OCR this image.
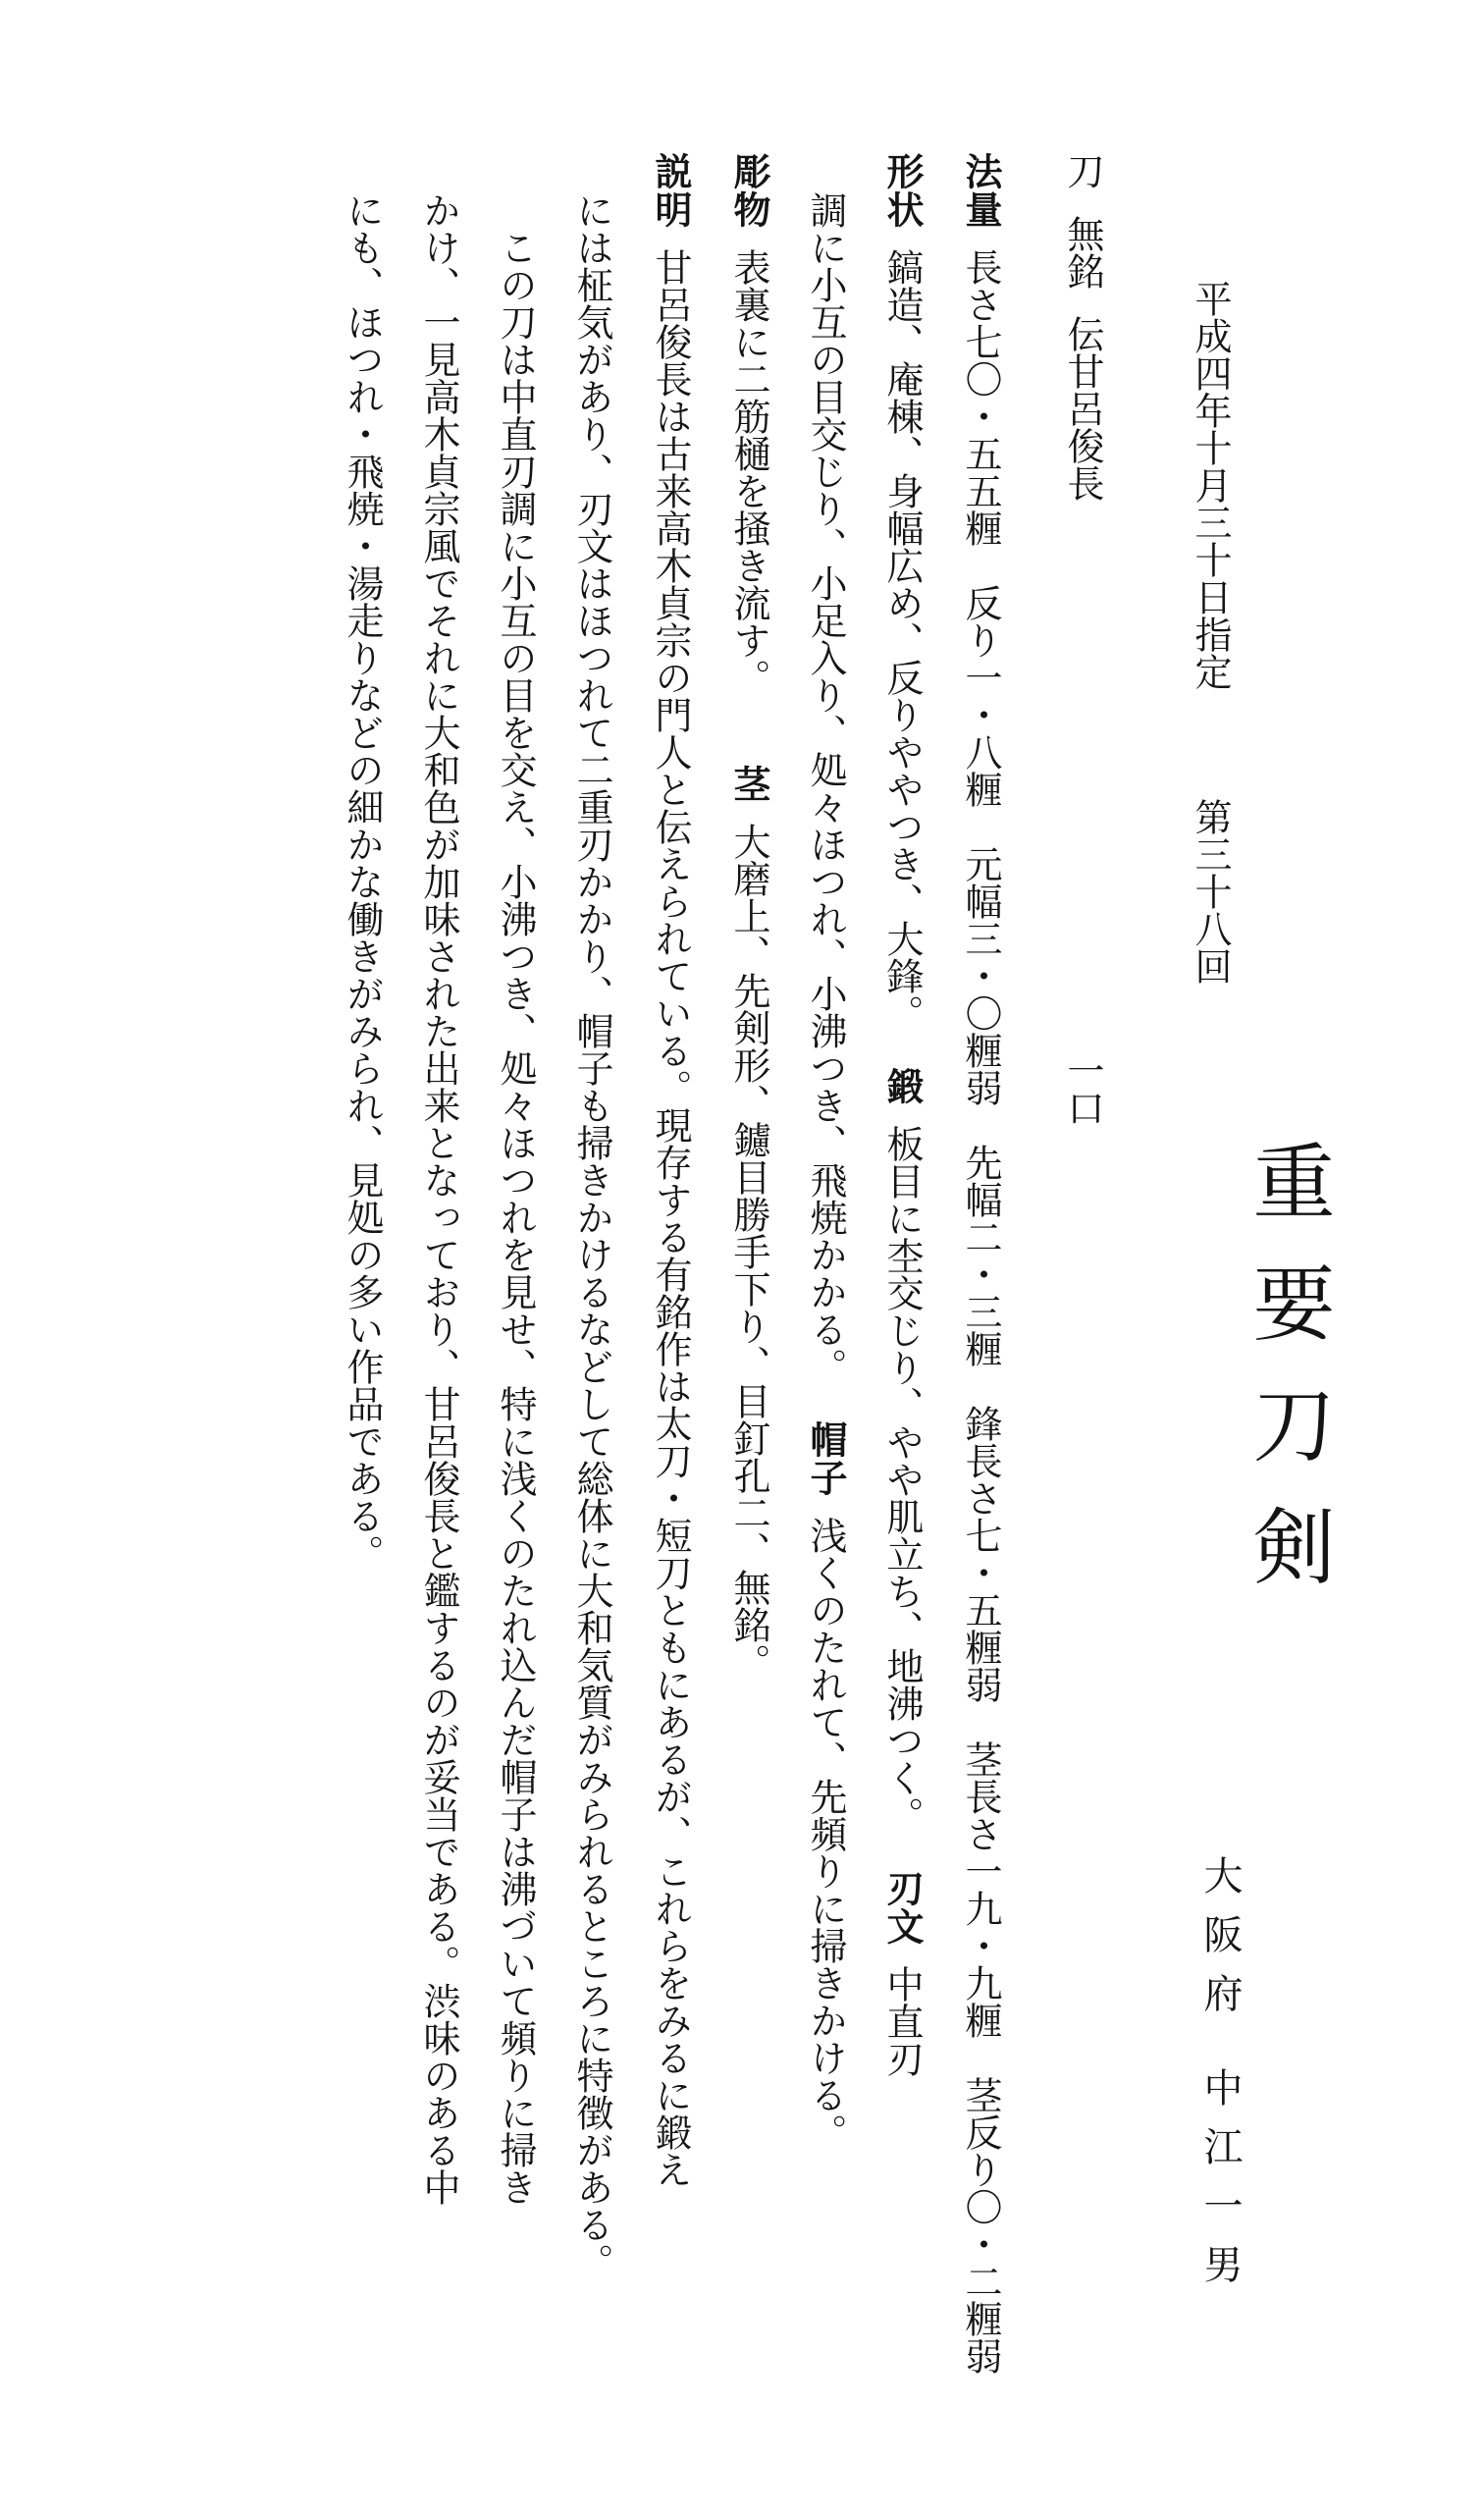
平成四年十月三十日指定第三十八回
重要刀剣
大阪府中江一男
刀無銘伝甘呂俊長一口
法量長さ七〇・五五糎　反り一・八糎　元幅三・〇糎弱　先幅二・三糎　鋒長さ七・五糎弱　茎長さ一九・九糎　茎反り〇・二糎弱
形状鎬造、庵棟、身幅広め、反りややつき、大鋒。鍛板目に杢交じり、やや肌立ち、地沸つく。刃文中直刃
調に小互の目交じり、小足入り、処々ほつれ、小沸つき、飛焼かかる。帽子浅くのたれて、先頻りに掃きかける。
彫物表裏に二筋樋を掻き流す。茎大磨上、先剣形、鑢目勝手下り、目釘孔二、無銘。
説明甘呂俊長は古来高木貞宗の門人と伝えられている。現存する有銘作は太刀・短刀ともにあるが、これらをみるに鍛え
には柾気があり、刃文はほつれて二重刃かかり、帽子も掃きかけるなどして総体に大和気質がみられるところに特徴がある。
　この刀は中直刃調に小互の目を交え、小沸つき、処々ほつれを見せ、特に浅くのたれ込んだ帽子は沸づいて頻りに掃き
かけ、一見高木貞宗風でそれに大和色が加味された出来となっており、甘呂俊長と鑑するのが妥当である。渋味のある中
にも、ほつれ・飛焼・湯走りなどの細かな働きがみられ、見処の多い作品である。
